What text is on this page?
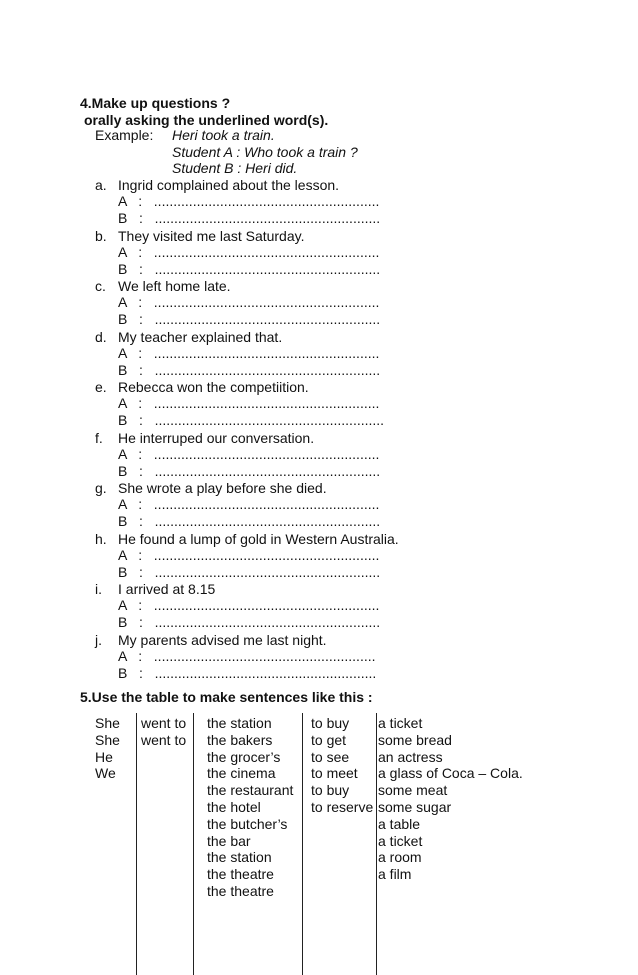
4.Make up questions ?
orally asking the underlined word(s).
Example: Heri took a train.
Student A : Who took a train ?
Student B : Heri did.
a. Ingrid complained about the lesson.
A   :   ..........................................................
B   :   ..........................................................
b. They visited me last Saturday.
A   :   ..........................................................
B   :   ..........................................................
c. We left home late.
A   :   ..........................................................
B   :   ..........................................................
d. My teacher explained that.
A   :   ..........................................................
B   :   ..........................................................
e. Rebecca won the competiition.
A   :   ..........................................................
B   :   ...........................................................
f. He interruped our conversation.
A   :   ..........................................................
B   :   ..........................................................
g. She wrote a play before she died.
A   :   ..........................................................
B   :   ..........................................................
h. He found a lump of gold in Western Australia.
A   :   ..........................................................
B   :   ..........................................................
i. I arrived at 8.15
A   :   ..........................................................
B   :   ..........................................................
j. My parents advised me last night.
A   :   .........................................................
B   :   .........................................................
5.Use the table to make sentences like this :
She
She
He
We
went to
went to
the station
the bakers
the grocer’s
the cinema
the restaurant
the hotel
the butcher’s
the bar
the station
the theatre
the theatre
to buy
to get
to see
to meet
to buy
to reserve
a ticket
some bread
an actress
a glass of Coca – Cola.
some meat
some sugar
a table
a ticket
a room
a film
